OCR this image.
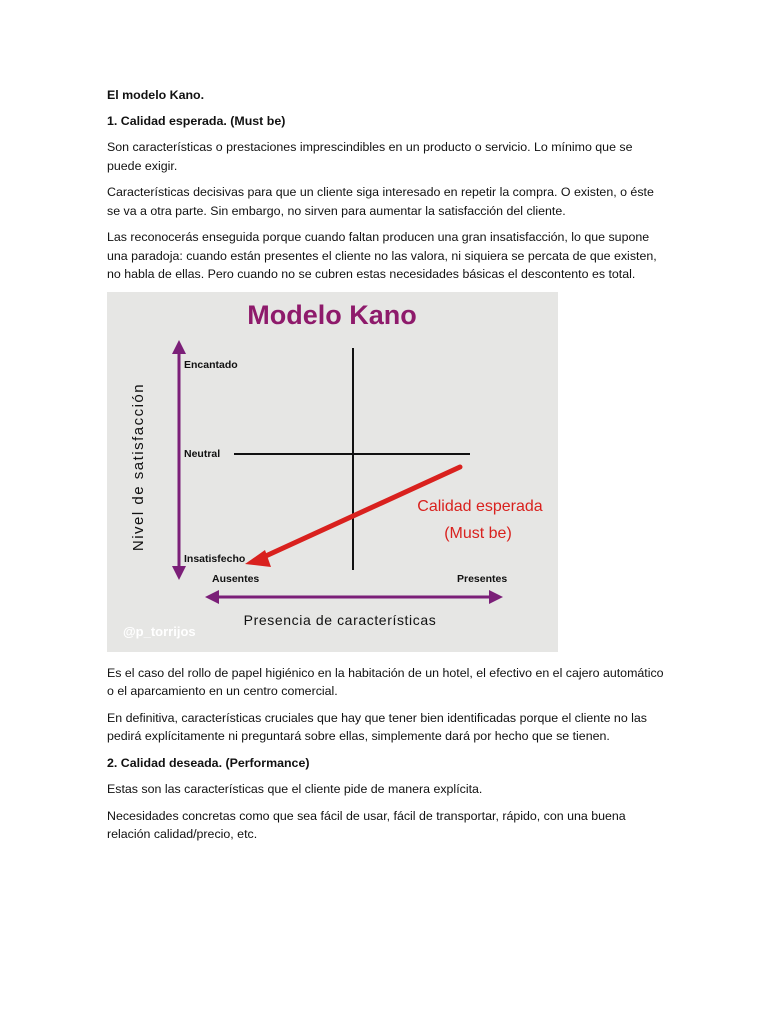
El modelo Kano.

1. Calidad esperada. (Must be)

Son características o prestaciones imprescindibles en un producto o servicio. Lo mínimo que se puede exigir.

Características decisivas para que un cliente siga interesado en repetir la compra. O existen, o éste se va a otra parte. Sin embargo, no sirven para aumentar la satisfacción del cliente.

Las reconocerás enseguida porque cuando faltan producen una gran insatisfacción, lo que supone una paradoja: cuando están presentes el cliente no las valora, ni siquiera se percata de que existen, no habla de ellas. Pero cuando no se cubren estas necesidades básicas el descontento es total.

Modelo Kano
Nivel de satisfacción
Presencia de características
Encantado
Neutral
Insatisfecho
Ausentes	Presentes
Calidad esperada
(Must be)
@p_torrijos

Es el caso del rollo de papel higiénico en la habitación de un hotel, el efectivo en el cajero automático o el aparcamiento en un centro comercial.

En definitiva, características cruciales que hay que tener bien identificadas porque el cliente no las pedirá explícitamente ni preguntará sobre ellas, simplemente dará por hecho que se tienen.

2. Calidad deseada. (Performance)

Estas son las características que el cliente pide de manera explícita.

Necesidades concretas como que sea fácil de usar, fácil de transportar, rápido, con una buena relación calidad/precio, etc.
